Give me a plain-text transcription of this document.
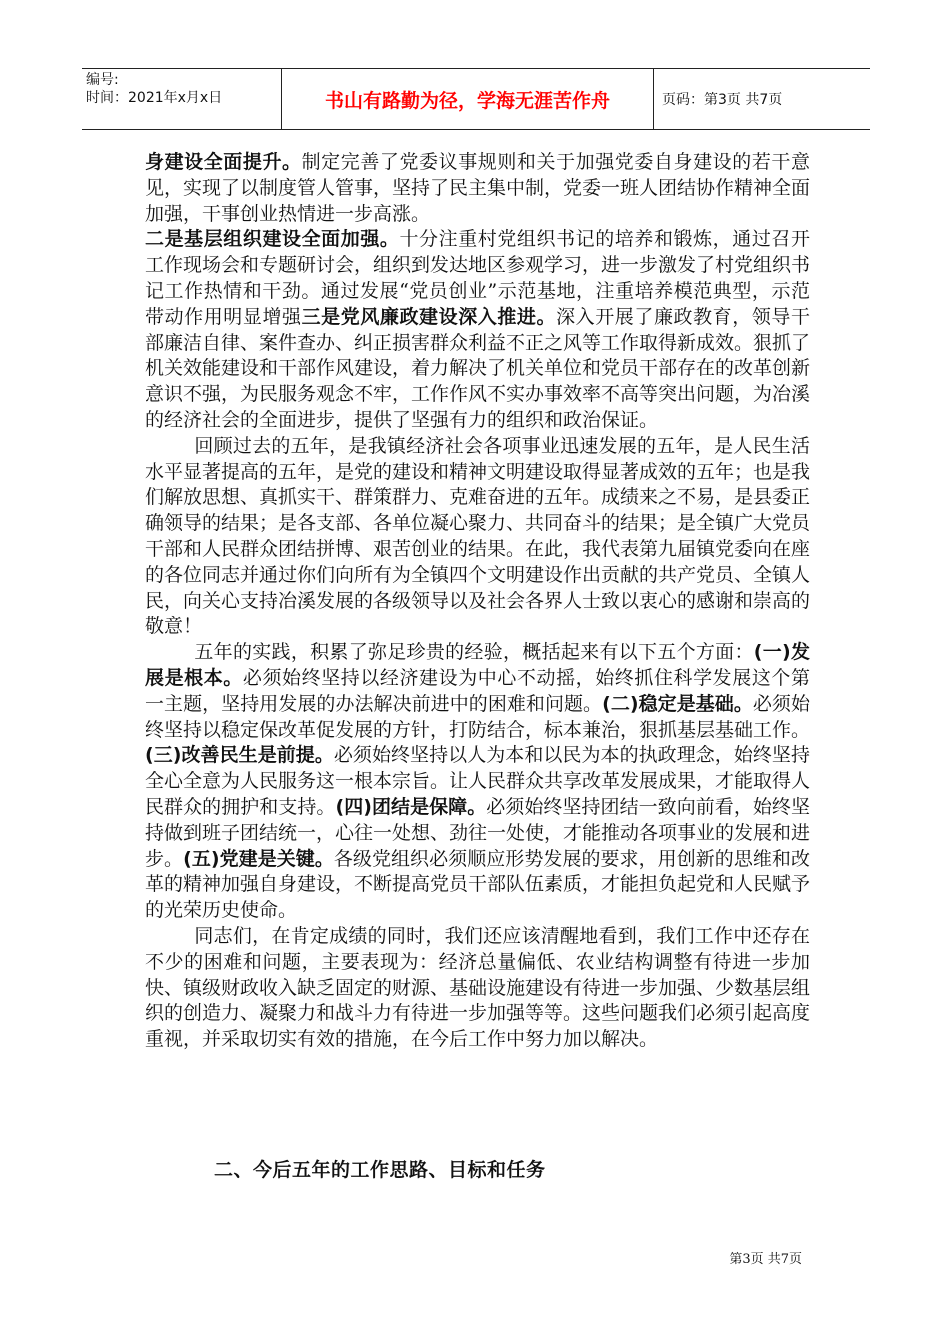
编号:
时间：2021年x月x日	书山有路勤为径，学海无涯苦作舟	页码：第3页 共7页

身建设全面提升。制定完善了党委议事规则和关于加强党委自身建设的若干意见，实现了以制度管人管事，坚持了民主集中制，党委一班人团结协作精神全面加强，干事创业热情进一步高涨。

二是基层组织建设全面加强。十分注重村党组织书记的培养和锻炼，通过召开工作现场会和专题研讨会，组织到发达地区参观学习，进一步激发了村党组织书记工作热情和干劲。通过发展“党员创业”示范基地，注重培养模范典型，示范带动作用明显增强三是党风廉政建设深入推进。深入开展了廉政教育，领导干部廉洁自律、案件查办、纠正损害群众利益不正之风等工作取得新成效。狠抓了机关效能建设和干部作风建设，着力解决了机关单位和党员干部存在的改革创新意识不强，为民服务观念不牢，工作作风不实办事效率不高等突出问题，为冶溪的经济社会的全面进步，提供了坚强有力的组织和政治保证。

回顾过去的五年，是我镇经济社会各项事业迅速发展的五年，是人民生活水平显著提高的五年，是党的建设和精神文明建设取得显著成效的五年；也是我们解放思想、真抓实干、群策群力、克难奋进的五年。成绩来之不易，是县委正确领导的结果；是各支部、各单位凝心聚力、共同奋斗的结果；是全镇广大党员干部和人民群众团结拼博、艰苦创业的结果。在此，我代表第九届镇党委向在座的各位同志并通过你们向所有为全镇四个文明建设作出贡献的共产党员、全镇人民，向关心支持冶溪发展的各级领导以及社会各界人士致以衷心的感谢和崇高的敬意！

五年的实践，积累了弥足珍贵的经验，概括起来有以下五个方面：(一)发展是根本。必须始终坚持以经济建设为中心不动摇，始终抓住科学发展这个第一主题，坚持用发展的办法解决前进中的困难和问题。(二)稳定是基础。必须始终坚持以稳定保改革促发展的方针，打防结合，标本兼治，狠抓基层基础工作。(三)改善民生是前提。必须始终坚持以人为本和以民为本的执政理念，始终坚持全心全意为人民服务这一根本宗旨。让人民群众共享改革发展成果，才能取得人民群众的拥护和支持。(四)团结是保障。必须始终坚持团结一致向前看，始终坚持做到班子团结统一，心往一处想、劲往一处使，才能推动各项事业的发展和进步。(五)党建是关键。各级党组织必须顺应形势发展的要求，用创新的思维和改革的精神加强自身建设，不断提高党员干部队伍素质，才能担负起党和人民赋予的光荣历史使命。

同志们，在肯定成绩的同时，我们还应该清醒地看到，我们工作中还存在不少的困难和问题，主要表现为：经济总量偏低、农业结构调整有待进一步加快、镇级财政收入缺乏固定的财源、基础设施建设有待进一步加强、少数基层组织的创造力、凝聚力和战斗力有待进一步加强等等。这些问题我们必须引起高度重视，并采取切实有效的措施，在今后工作中努力加以解决。

二、今后五年的工作思路、目标和任务
第3页 共7页
